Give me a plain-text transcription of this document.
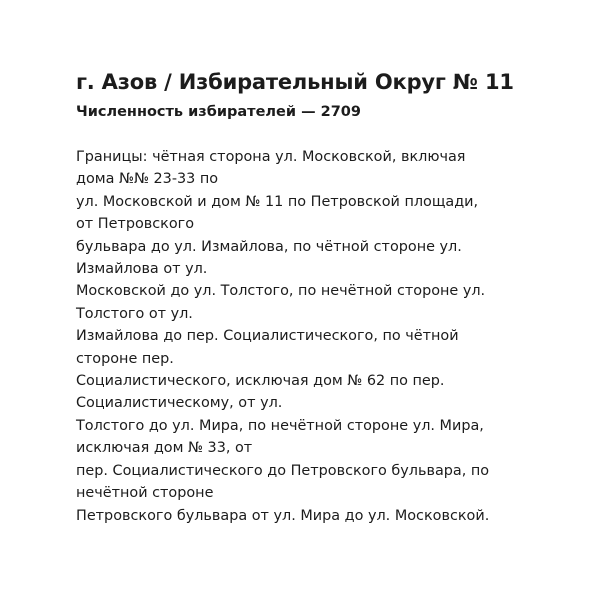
г. Азов / Избирательный Округ № 11
Численность избирателей — 2709
Границы: чётная сторона ул. Московской, включая
дома №№ 23-33 по
ул. Московской и дом № 11 по Петровской площади,
от Петровского
бульвара до ул. Измайлова, по чётной стороне ул.
Измайлова от ул.
Московской до ул. Толстого, по нечётной стороне ул.
Толстого от ул.
Измайлова до пер. Социалистического, по чётной
стороне пер.
Социалистического, исключая дом № 62 по пер.
Социалистическому, от ул.
Толстого до ул. Мира, по нечётной стороне ул. Мира,
исключая дом № 33, от
пер. Социалистического до Петровского бульвара, по
нечётной стороне
Петровского бульвара от ул. Мира до ул. Московской.
